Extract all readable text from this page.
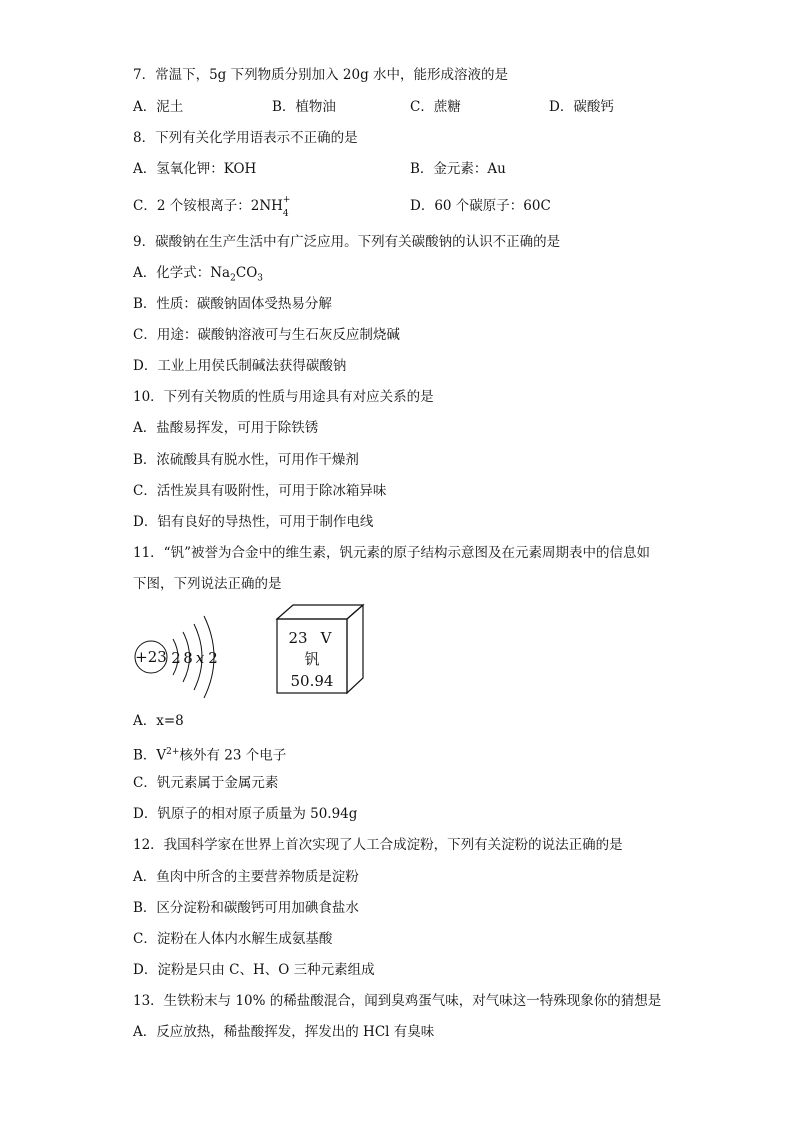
7．常温下，5g 下列物质分别加入 20g 水中，能形成溶液的是
A．泥土	B．植物油	C．蔗糖	D．碳酸钙
8．下列有关化学用语表示不正确的是
A．氢氧化钾：KOH	B．金元素：Au
C．2 个铵根离子：2NH +
4	D．60 个碳原子：60C
9．碳酸钠在生产生活中有广泛应用。下列有关碳酸钠的认识不正确的是
A．化学式：$Na_2CO_3$
B．性质：碳酸钠固体受热易分解
C．用途：碳酸钠溶液可与生石灰反应制烧碱
D．工业上用侯氏制碱法获得碳酸钠
10．下列有关物质的性质与用途具有对应关系的是
A．盐酸易挥发，可用于除铁锈
B．浓硫酸具有脱水性，可用作干燥剂
C．活性炭具有吸附性，可用于除冰箱异味
D．铝有良好的导热性，可用于制作电线
11．“钒”被誉为合金中的维生素，钒元素的原子结构示意图及在元素周期表中的信息如
下图，下列说法正确的是
+23 2 8 x 2
23 V
钒
50.94
A．x=8
B．$V^{2+}$核外有 23 个电子
C．钒元素属于金属元素
D．钒原子的相对原子质量为 50.94g
12．我国科学家在世界上首次实现了人工合成淀粉，下列有关淀粉的说法正确的是
A．鱼肉中所含的主要营养物质是淀粉
B．区分淀粉和碳酸钙可用加碘食盐水
C．淀粉在人体内水解生成氨基酸
D．淀粉是只由 C、H、O 三种元素组成
13．生铁粉末与 10% 的稀盐酸混合，闻到臭鸡蛋气味，对气味这一特殊现象你的猜想是
A．反应放热，稀盐酸挥发，挥发出的 HCl 有臭味
